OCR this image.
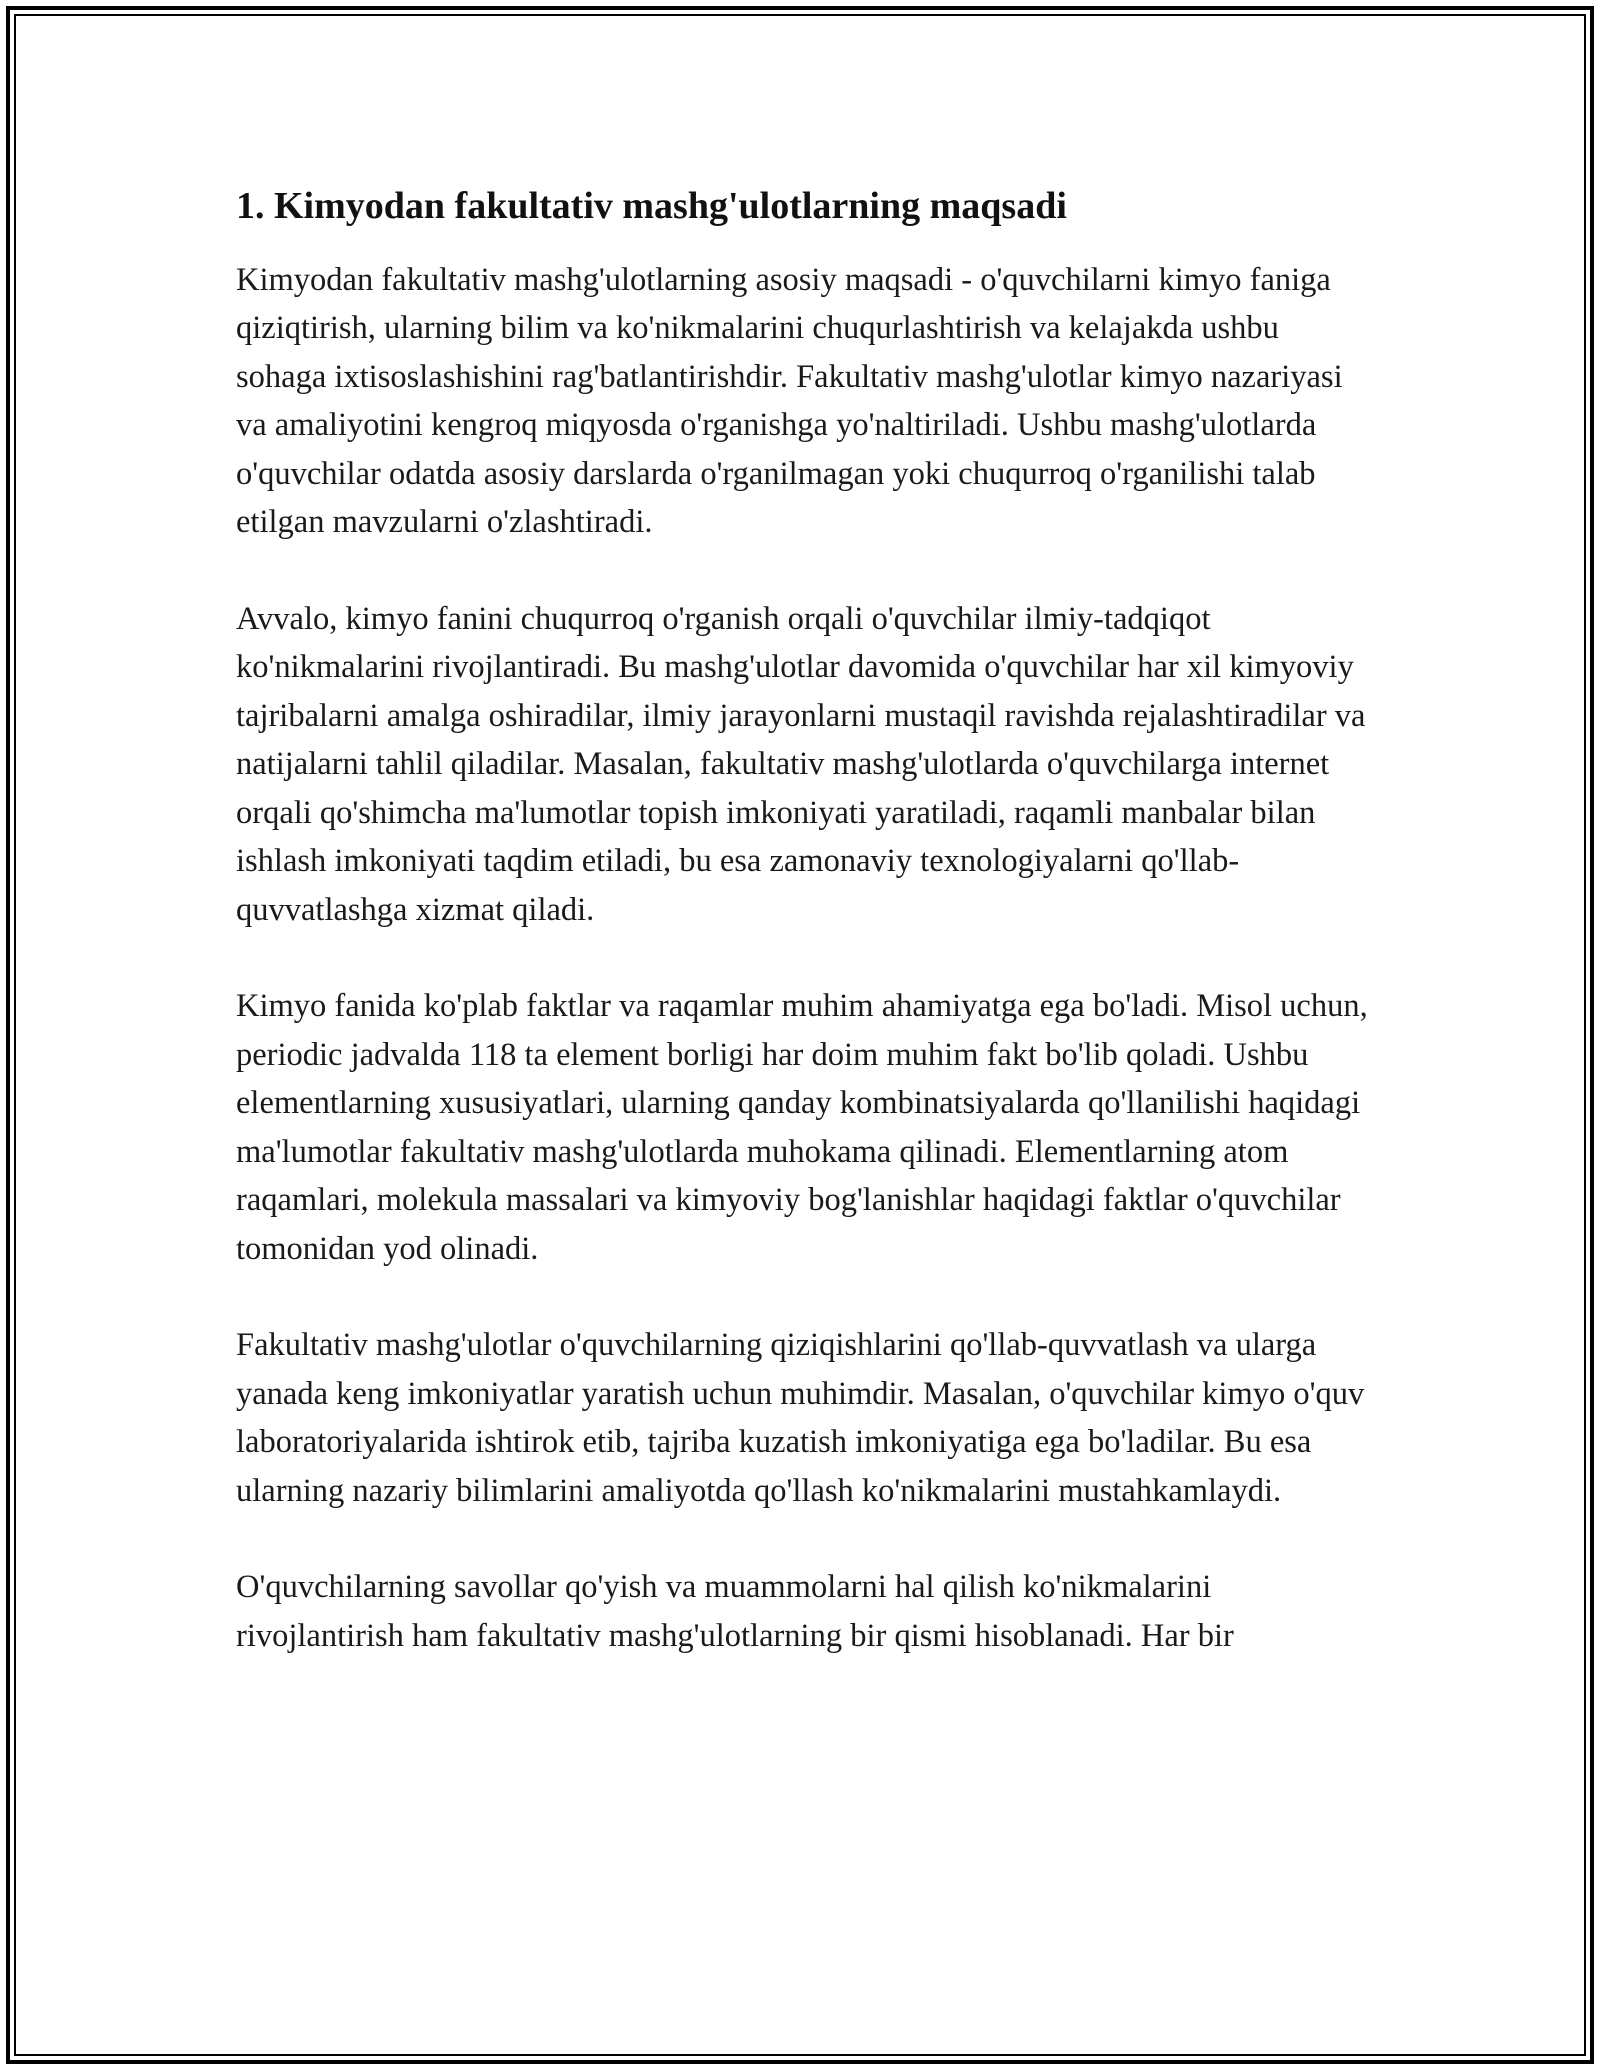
1. Kimyodan fakultativ mashg'ulotlarning maqsadi

Kimyodan fakultativ mashg'ulotlarning asosiy maqsadi - o'quvchilarni kimyo faniga qiziqtirish, ularning bilim va ko'nikmalarini chuqurlashtirish va kelajakda ushbu sohaga ixtisoslashishini rag'batlantirishdir. Fakultativ mashg'ulotlar kimyo nazariyasi va amaliyotini kengroq miqyosda o'rganishga yo'naltiriladi. Ushbu mashg'ulotlarda o'quvchilar odatda asosiy darslarda o'rganilmagan yoki chuqurroq o'rganilishi talab etilgan mavzularni o'zlashtiradi.

Avvalo, kimyo fanini chuqurroq o'rganish orqali o'quvchilar ilmiy-tadqiqot ko'nikmalarini rivojlantiradi. Bu mashg'ulotlar davomida o'quvchilar har xil kimyoviy tajribalarni amalga oshiradilar, ilmiy jarayonlarni mustaqil ravishda rejalashtiradilar va natijalarni tahlil qiladilar. Masalan, fakultativ mashg'ulotlarda o'quvchilarga internet orqali qo'shimcha ma'lumotlar topish imkoniyati yaratiladi, raqamli manbalar bilan ishlash imkoniyati taqdim etiladi, bu esa zamonaviy texnologiyalarni qo'llab-quvvatlashga xizmat qiladi.

Kimyo fanida ko'plab faktlar va raqamlar muhim ahamiyatga ega bo'ladi. Misol uchun, periodic jadvalda 118 ta element borligi har doim muhim fakt bo'lib qoladi. Ushbu elementlarning xususiyatlari, ularning qanday kombinatsiyalarda qo'llanilishi haqidagi ma'lumotlar fakultativ mashg'ulotlarda muhokama qilinadi. Elementlarning atom raqamlari, molekula massalari va kimyoviy bog'lanishlar haqidagi faktlar o'quvchilar tomonidan yod olinadi.

Fakultativ mashg'ulotlar o'quvchilarning qiziqishlarini qo'llab-quvvatlash va ularga yanada keng imkoniyatlar yaratish uchun muhimdir. Masalan, o'quvchilar kimyo o'quv laboratoriyalarida ishtirok etib, tajriba kuzatish imkoniyatiga ega bo'ladilar. Bu esa ularning nazariy bilimlarini amaliyotda qo'llash ko'nikmalarini mustahkamlaydi.

O'quvchilarning savollar qo'yish va muammolarni hal qilish ko'nikmalarini rivojlantirish ham fakultativ mashg'ulotlarning bir qismi hisoblanadi. Har bir
